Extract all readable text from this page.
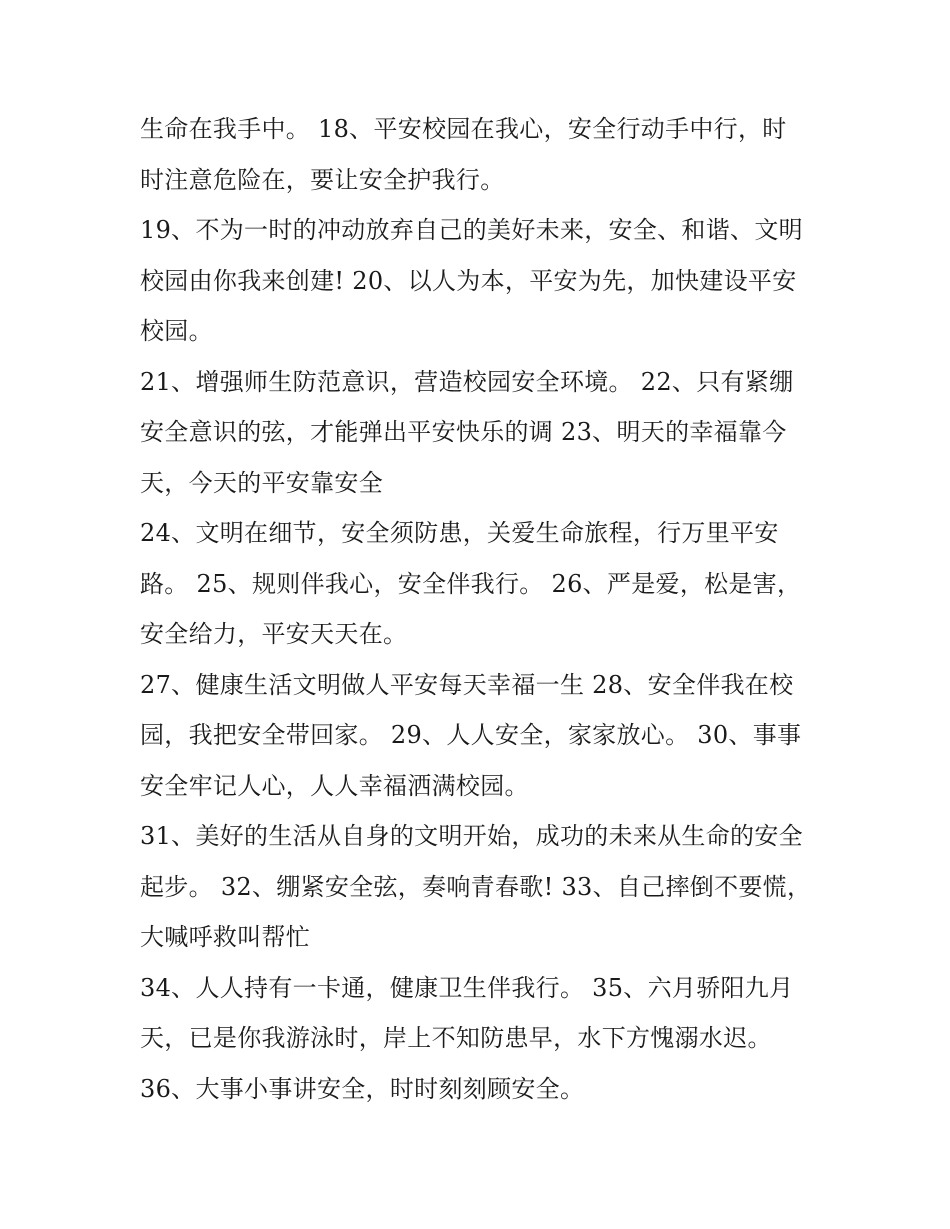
生命在我手中。 18、平安校园在我心，安全行动手中行，时
时注意危险在，要让安全护我行。
19、不为一时的冲动放弃自己的美好未来，安全、和谐、文明
校园由你我来创建! 20、以人为本，平安为先，加快建设平安
校园。
21、增强师生防范意识，营造校园安全环境。 22、只有紧绷
安全意识的弦，才能弹出平安快乐的调 23、明天的幸福靠今
天，今天的平安靠安全
24、文明在细节，安全须防患，关爱生命旅程，行万里平安
路。 25、规则伴我心，安全伴我行。 26、严是爱，松是害，
安全给力，平安天天在。
27、健康生活文明做人平安每天幸福一生 28、安全伴我在校
园，我把安全带回家。 29、人人安全，家家放心。 30、事事
安全牢记人心，人人幸福洒满校园。
31、美好的生活从自身的文明开始，成功的未来从生命的安全
起步。 32、绷紧安全弦，奏响青春歌! 33、自己摔倒不要慌，
大喊呼救叫帮忙
34、人人持有一卡通，健康卫生伴我行。 35、六月骄阳九月
天，已是你我游泳时，岸上不知防患早，水下方愧溺水迟。
36、大事小事讲安全，时时刻刻顾安全。
